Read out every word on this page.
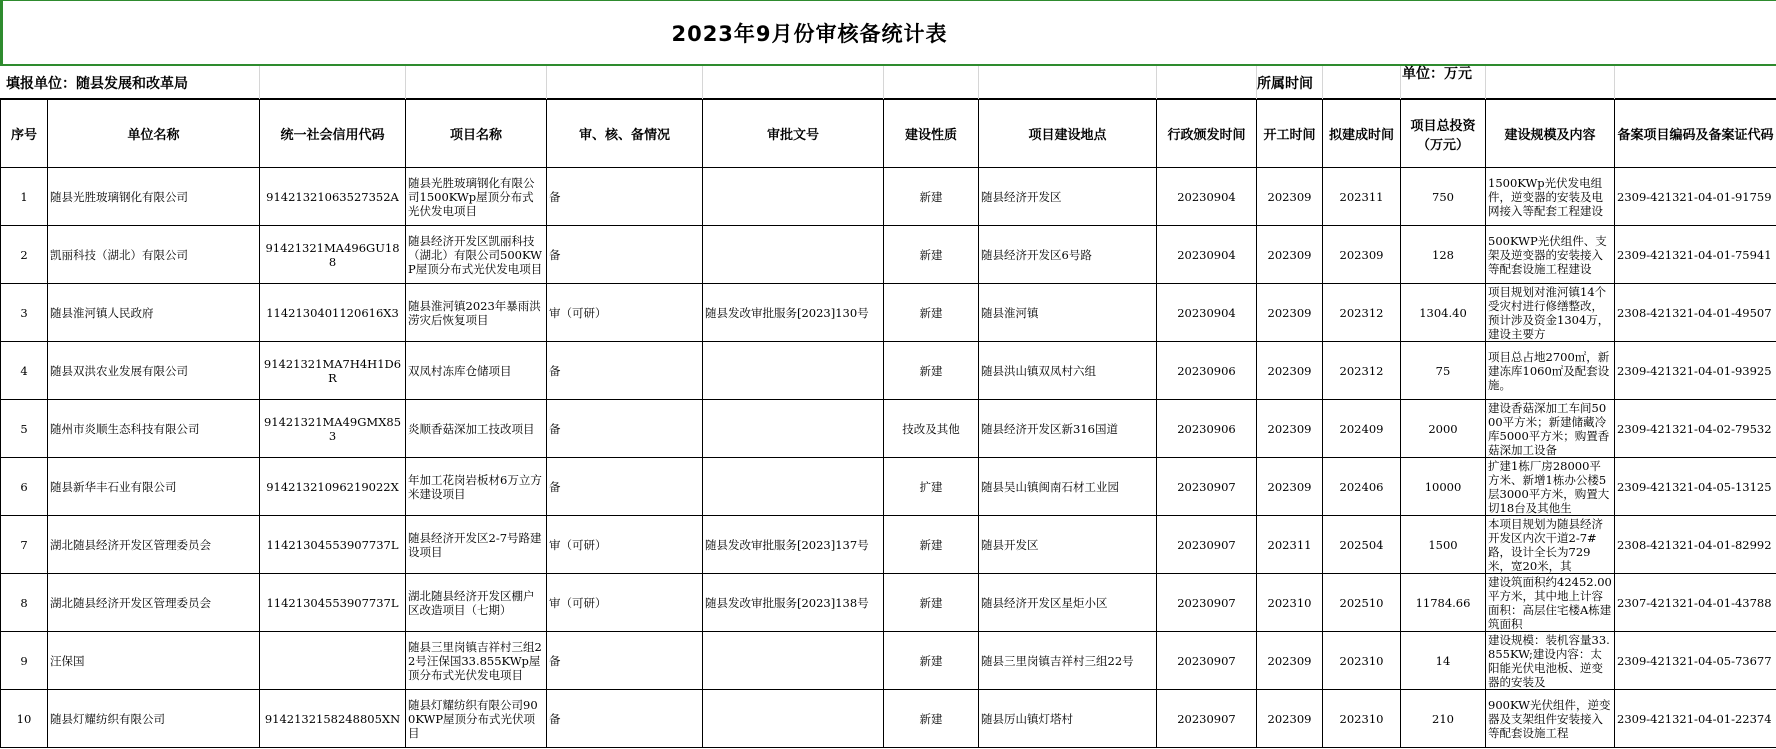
2023年9月份审核备统计表
填报单位：随县发展和改革局	所属时间
单位：万元
序号	单位名称	统一社会信用代码	项目名称	审、核、备情况	审批文号	建设性质	项目建设地点	行政颁发时间	开工时间	拟建成时间	项目总投资（万元）	建设规模及内容	备案项目编码及备案证代码

1	随县光胜玻璃钢化有限公司	91421321063527352A	随县光胜玻璃钢化有限公司1500KWp屋顶分布式光伏发电项目	备		新建	随县经济开发区	20230904	202309	202311	750	1500KWp光伏发电组件，逆变器的安装及电网接入等配套工程建设	2309-421321-04-01-91759

2	凯丽科技（湖北）有限公司	91421321MA496GU188	随县经济开发区凯丽科技（湖北）有限公司500KWP屋顶分布式光伏发电项目	备		新建	随县经济开发区6号路	20230904	202309	202309	128	500KWP光伏组件、支架及逆变器的安装接入等配套设施工程建设	2309-421321-04-01-75941

3	随县淮河镇人民政府	1142130401120616X3	随县淮河镇2023年暴雨洪涝灾后恢复项目	审（可研）	随县发改审批服务[2023]130号	新建	随县淮河镇	20230904	202309	202312	1304.40	项目规划对淮河镇14个受灾村进行修缮整改，预计涉及资金1304万，建设主要方	2308-421321-04-01-49507

4	随县双洪农业发展有限公司	91421321MA7H4H1D6R	双凤村冻库仓储项目	备		新建	随县洪山镇双凤村六组	20230906	202309	202312	75	项目总占地2700㎡，新建冻库1060㎡及配套设施。	2309-421321-04-01-93925

5	随州市炎顺生态科技有限公司	91421321MA49GMX853	炎顺香菇深加工技改项目	备		技改及其他	随县经济开发区新316国道	20230906	202309	202409	2000	建设香菇深加工车间5000平方米；新建储藏冷库5000平方米；购置香菇深加工设备	2309-421321-04-02-79532

6	随县新华丰石业有限公司	91421321096219022X	年加工花岗岩板材6万立方米建设项目	备		扩建	随县吴山镇闽南石材工业园	20230907	202309	202406	10000	扩建1栋厂房28000平方米、新增1栋办公楼5层3000平方米，购置大切18台及其他生	2309-421321-04-05-13125

7	湖北随县经济开发区管理委员会	1142130455390773​7L	随县经济开发区2-7号路建设项目	审（可研）	随县发改审批服务[2023]137号	新建	随县开发区	20230907	202311	202504	1500	本项目规划为随县经济开发区内次干道2-7#路，设计全长为729米，宽20米，其	2308-421321-04-01-82992

8	湖北随县经济开发区管理委员会	11421304553907737L	湖北随县经济开发区棚户区改造项目（七期）	审（可研）	随县发改审批服务[2023]138号	新建	随县经济开发区星炬小区	20230907	202310	202510	11784.66	建设筑面积约42452.00平方米，其中地上计容面积：高层住宅楼A栋建筑面积	2307-421321-04-01-43788

9	汪保国		随县三里岗镇吉祥村三组22号汪保国33.855KWp屋顶分布式光伏发电项目	备		新建	随县三里岗镇吉祥村三组22号	20230907	202309	202310	14	建设规模：装机容量33.855KW;建设内容：太阳能光伏电池板、逆变器的安装及	2309-421321-04-05-73677

10	随县灯耀纺织有限公司	91421321582488​05XN	随县灯耀纺织有限公司900KWP屋顶分布式光伏项目	备		新建	随县厉山镇灯塔村	20230907	202309	202310	210	900KW光伏组件，逆变器及支架组件安装接入等配套设施工程	2309-421321-04-01-22374
